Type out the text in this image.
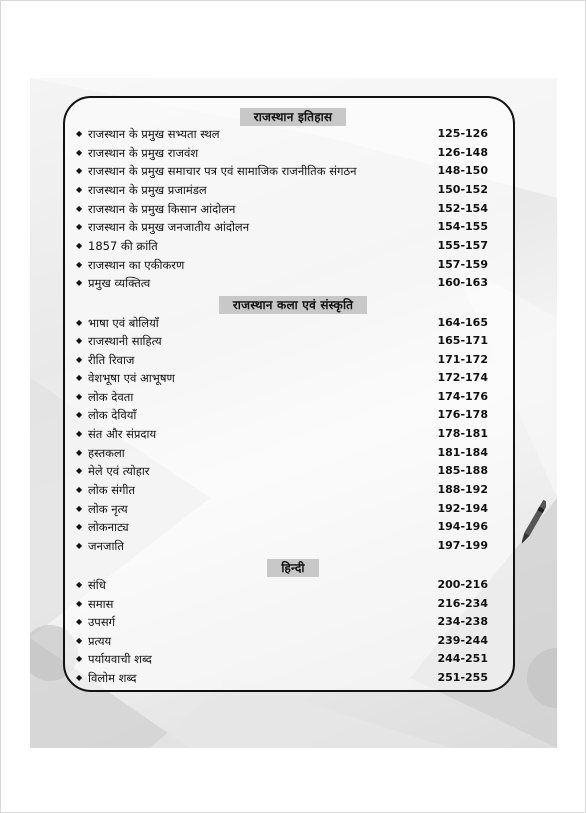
राजस्थान इतिहास
◆ राजस्थान के प्रमुख सभ्यता स्थल	125-126
◆ राजस्थान के प्रमुख राजवंश	126-148
◆ राजस्थान के प्रमुख समाचार पत्र एवं सामाजिक राजनीतिक संगठन	148-150
◆ राजस्थान के प्रमुख प्रजामंडल	150-152
◆ राजस्थान के प्रमुख किसान आंदोलन	152-154
◆ राजस्थान के प्रमुख जनजातीय आंदोलन	154-155
◆ 1857 की क्रांति	155-157
◆ राजस्थान का एकीकरण	157-159
◆ प्रमुख व्यक्तित्व	160-163
राजस्थान कला एवं संस्कृति
◆ भाषा एवं बोलियाँ	164-165
◆ राजस्थानी साहित्य	165-171
◆ रीति रिवाज	171-172
◆ वेशभूषा एवं आभूषण	172-174
◆ लोक देवता	174-176
◆ लोक देवियाँ	176-178
◆ संत और संप्रदाय	178-181
◆ हस्तकला	181-184
◆ मेले एवं त्योहार	185-188
◆ लोक संगीत	188-192
◆ लोक नृत्य	192-194
◆ लोकनाट्य	194-196
◆ जनजाति	197-199
हिन्दी
◆ संधि	200-216
◆ समास	216-234
◆ उपसर्ग	234-238
◆ प्रत्यय	239-244
◆ पर्यायवाची शब्द	244-251
◆ विलोम शब्द	251-255
